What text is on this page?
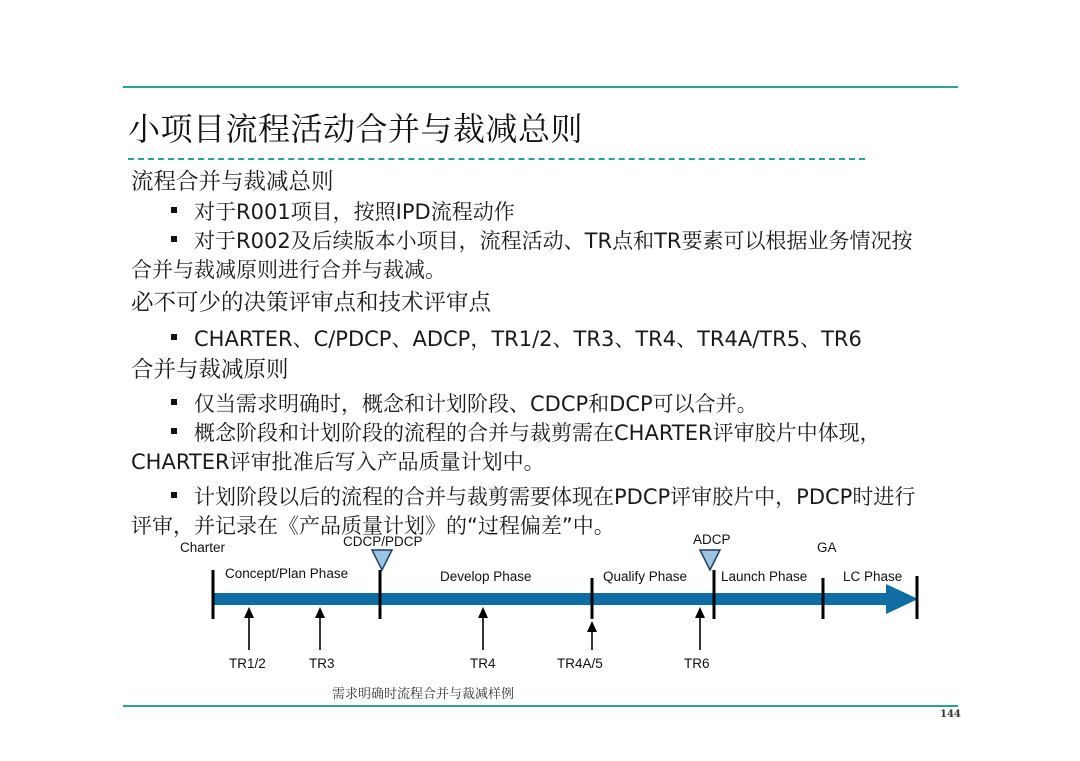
小项目流程活动合并与裁减总则
流程合并与裁减总则
对于R001项目，按照IPD流程动作
对于R002及后续版本小项目，流程活动、TR点和TR要素可以根据业务情况按
合并与裁减原则进行合并与裁减。
必不可少的决策评审点和技术评审点
CHARTER、C/PDCP、ADCP，TR1/2、TR3、TR4、TR4A/TR5、TR6
合并与裁减原则
仅当需求明确时，概念和计划阶段、CDCP和DCP可以合并。
概念阶段和计划阶段的流程的合并与裁剪需在CHARTER评审胶片中体现，
CHARTER评审批准后写入产品质量计划中。
计划阶段以后的流程的合并与裁剪需要体现在PDCP评审胶片中，PDCP时进行
评审，并记录在《产品质量计划》的“过程偏差”中。
Charter	CDCP/PDCP	ADCP
GA
Concept/Plan Phase	Develop Phase	Qualify Phase	Launch Phase	LC Phase
TR1/2	TR3	TR4	TR4A/5	TR6
需求明确时流程合并与裁减样例
144
